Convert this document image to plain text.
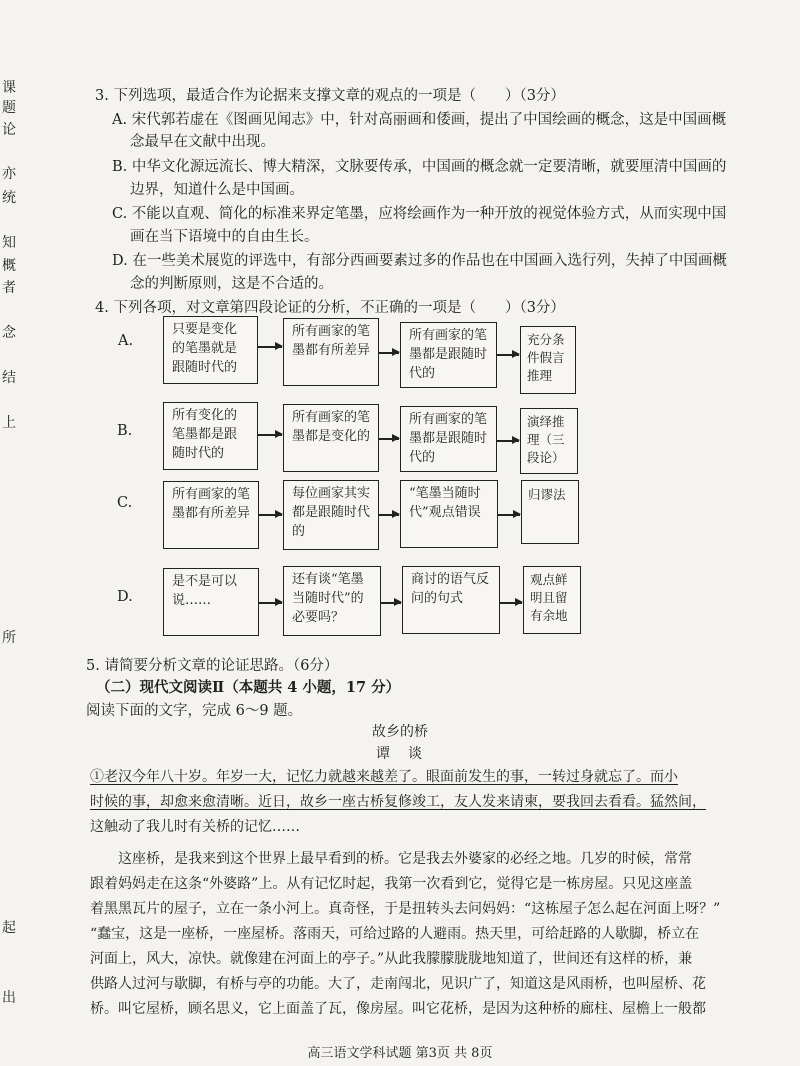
课
题
论
亦
统
知
概
者
念
结
上
所
起
出
3. 下列选项，最适合作为论据来支撑文章的观点的一项是（　　）（3分）
A. 宋代郭若虚在《图画见闻志》中，针对高丽画和倭画，提出了中国绘画的概念，这是中国画概
念最早在文献中出现。
B. 中华文化源远流长、博大精深，文脉要传承，中国画的概念就一定要清晰，就要厘清中国画的
边界，知道什么是中国画。
C. 不能以直观、简化的标准来界定笔墨，应将绘画作为一种开放的视觉体验方式，从而实现中国
画在当下语境中的自由生长。
D. 在一些美术展览的评选中，有部分西画要素过多的作品也在中国画入选行列，失掉了中国画概
念的判断原则，这是不合适的。
4. 下列各项，对文章第四段论证的分析，不正确的一项是（　　）（3分）
A.
只要是变化的笔墨就是跟随时代的
所有画家的笔墨都有所差异
所有画家的笔墨都是跟随时代的
充分条件假言推理
B.
所有变化的笔墨都是跟随时代的
所有画家的笔墨都是变化的
所有画家的笔墨都是跟随时代的
演绎推理（三段论）
C.
所有画家的笔墨都有所差异
每位画家其实都是跟随时代的
“笔墨当随时代”观点错误
归谬法
D.
是不是可以说……
还有谈“笔墨当随时代”的必要吗？
商讨的语气反问的句式
观点鲜明且留有余地
5. 请简要分析文章的论证思路。（6分）
（二）现代文阅读Ⅱ（本题共 4 小题，17 分）
阅读下面的文字，完成 6～9 题。
故乡的桥
谭　谈
①老汉今年八十岁。年岁一大，记忆力就越来越差了。眼面前发生的事，一转过身就忘了。而小
时候的事，却愈来愈清晰。近日，故乡一座古桥复修竣工，友人发来请柬，要我回去看看。猛然间，
这触动了我儿时有关桥的记忆……
　　这座桥，是我来到这个世界上最早看到的桥。它是我去外婆家的必经之地。几岁的时候，常常
跟着妈妈走在这条“外婆路”上。从有记忆时起，我第一次看到它，觉得它是一栋房屋。只见这座盖
着黑黑瓦片的屋子，立在一条小河上。真奇怪，于是扭转头去问妈妈：“这栋屋子怎么起在河面上呀？”
“蠢宝，这是一座桥，一座屋桥。落雨天，可给过路的人避雨。热天里，可给赶路的人歇脚，桥立在
河面上，风大，凉快。就像建在河面上的亭子。”从此我朦朦胧胧地知道了，世间还有这样的桥，兼
供路人过河与歇脚，有桥与亭的功能。大了，走南闯北，见识广了，知道这是风雨桥，也叫屋桥、花
桥。叫它屋桥，顾名思义，它上面盖了瓦，像房屋。叫它花桥，是因为这种桥的廊柱、屋檐上一般都
高三语文学科试题 第3页 共 8页
